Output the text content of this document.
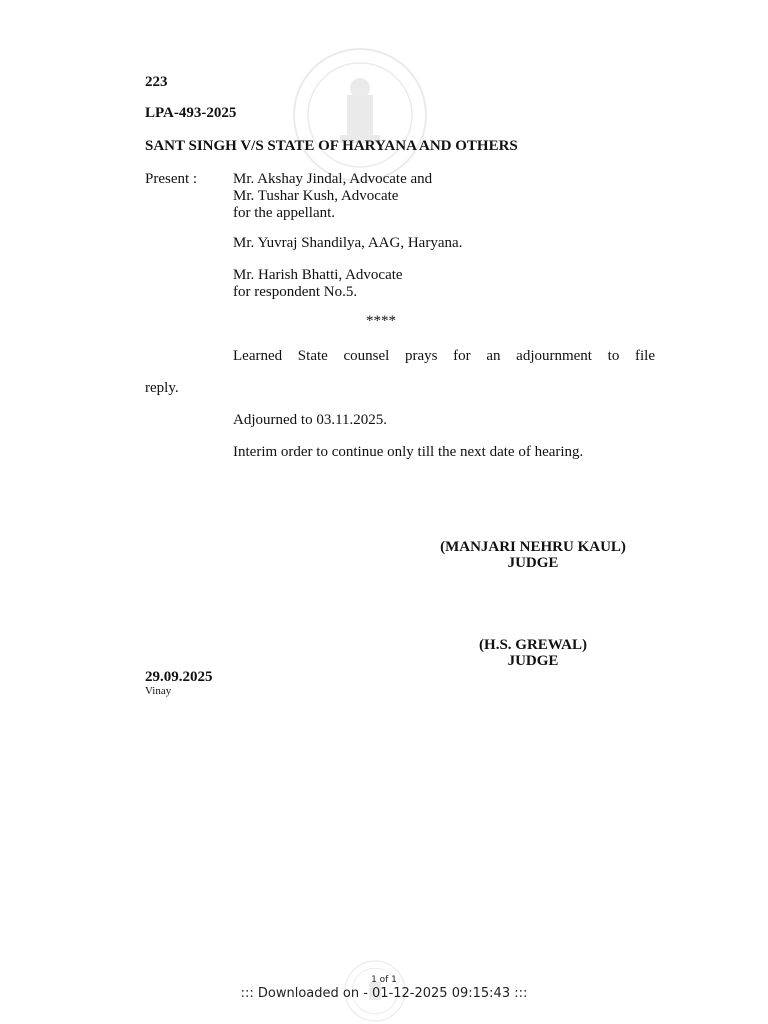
223
LPA-493-2025
SANT SINGH V/S STATE OF HARYANA AND OTHERS
Present : Mr. Akshay Jindal, Advocate and
Mr. Tushar Kush, Advocate
for the appellant.
Mr. Yuvraj Shandilya, AAG, Haryana.
Mr. Harish Bhatti, Advocate
for respondent No.5.
****
Learned State counsel prays for an adjournment to file
reply.
Adjourned to 03.11.2025.
Interim order to continue only till the next date of hearing.
(MANJARI NEHRU KAUL)
JUDGE
(H.S. GREWAL)
JUDGE
29.09.2025
Vinay
1 of 1
::: Downloaded on - 01-12-2025 09:15:43 :::
